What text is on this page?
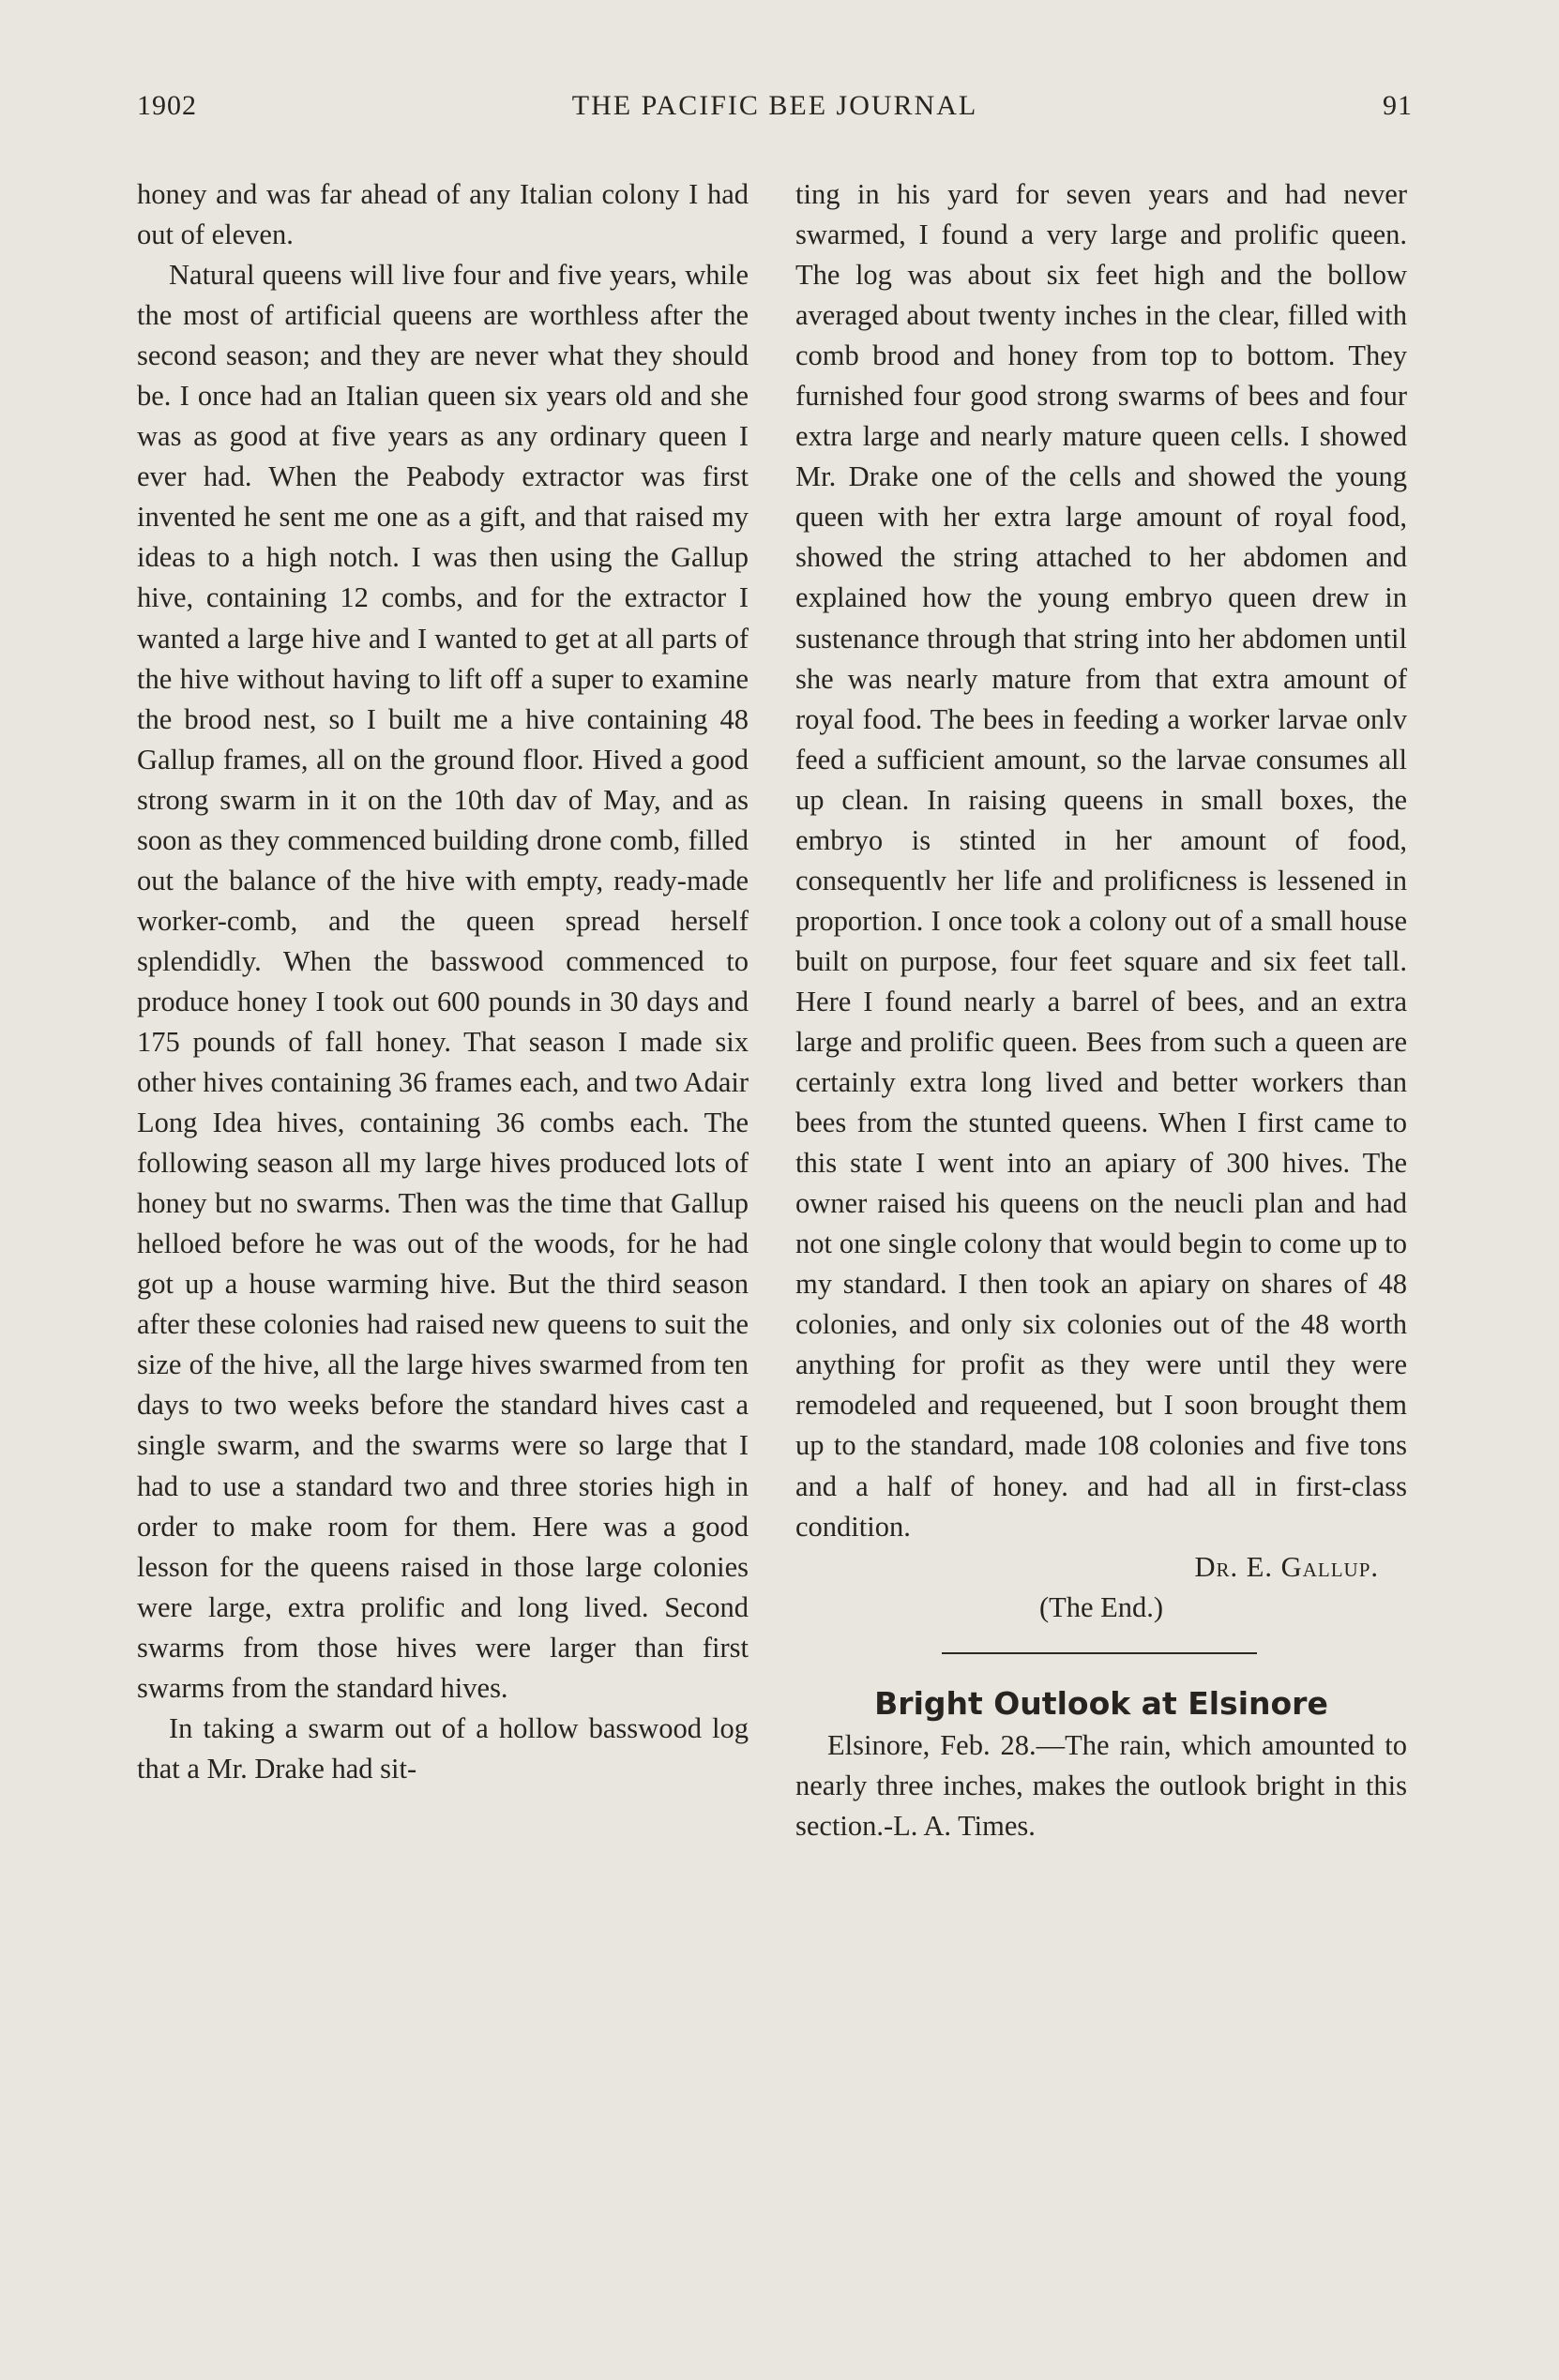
1902	THE PACIFIC BEE JOURNAL	91

honey and was far ahead of any Italian colony I had out of eleven.

Natural queens will live four and five years, while the most of artificial queens are worthless after the second season; and they are never what they should be. I once had an Italian queen six years old and she was as good at five years as any ordinary queen I ever had. When the Peabody extractor was first invented he sent me one as a gift, and that raised my ideas to a high notch. I was then using the Gallup hive, containing 12 combs, and for the extractor I wanted a large hive and I wanted to get at all parts of the hive without having to lift off a super to examine the brood nest, so I built me a hive containing 48 Gallup frames, all on the ground floor. Hived a good strong swarm in it on the 10th dav of May, and as soon as they commenced building drone comb, filled out the balance of the hive with empty, ready-made worker-comb, and the queen spread herself splendidly. When the basswood commenced to produce honey I took out 600 pounds in 30 days and 175 pounds of fall honey. That season I made six other hives containing 36 frames each, and two Adair Long Idea hives, containing 36 combs each. The following season all my large hives produced lots of honey but no swarms. Then was the time that Gallup helloed before he was out of the woods, for he had got up a house warming hive. But the third season after these colonies had raised new queens to suit the size of the hive, all the large hives swarmed from ten days to two weeks before the standard hives cast a single swarm, and the swarms were so large that I had to use a standard two and three stories high in order to make room for them. Here was a good lesson for the queens raised in those large colonies were large, extra prolific and long lived. Second swarms from those hives were larger than first swarms from the standard hives.

In taking a swarm out of a hollow basswood log that a Mr. Drake had sit-

ting in his yard for seven years and had never swarmed, I found a very large and prolific queen. The log was about six feet high and the bollow averaged about twenty inches in the clear, filled with comb brood and honey from top to bottom. They furnished four good strong swarms of bees and four extra large and nearly mature queen cells. I showed Mr. Drake one of the cells and showed the young queen with her extra large amount of royal food, showed the string attached to her abdomen and explained how the young embryo queen drew in sustenance through that string into her abdomen until she was nearly mature from that extra amount of royal food. The bees in feeding a worker larvae onlv feed a sufficient amount, so the larvae consumes all up clean. In raising queens in small boxes, the embryo is stinted in her amount of food, consequentlv her life and prolificness is lessened in proportion. I once took a colony out of a small house built on purpose, four feet square and six feet tall. Here I found nearly a barrel of bees, and an extra large and prolific queen. Bees from such a queen are certainly extra long lived and better workers than bees from the stunted queens. When I first came to this state I went into an apiary of 300 hives. The owner raised his queens on the neucli plan and had not one single colony that would begin to come up to my standard. I then took an apiary on shares of 48 colonies, and only six colonies out of the 48 worth anything for profit as they were until they were remodeled and requeened, but I soon brought them up to the standard, made 108 colonies and five tons and a half of honey. and had all in first-class condition.

Dr. E. Gallup.

(The End.)

Bright Outlook at Elsinore

Elsinore, Feb. 28.—The rain, which amounted to nearly three inches, makes the outlook bright in this section.-L. A. Times.
